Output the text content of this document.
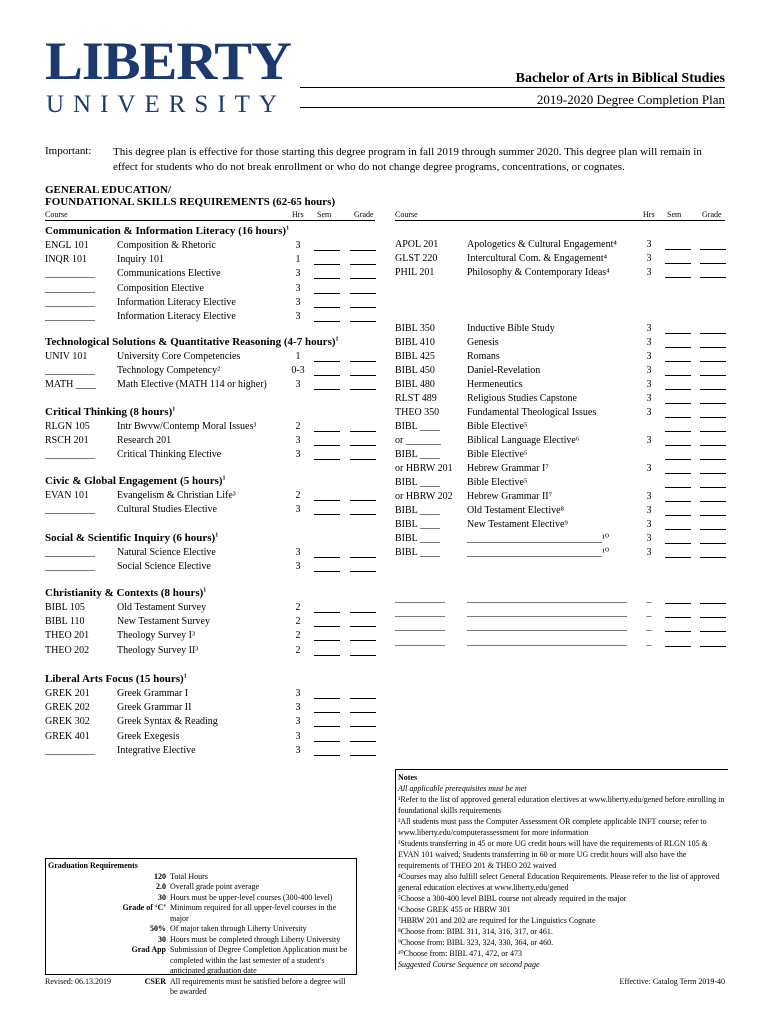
LIBERTY
UNIVERSITY
Bachelor of Arts in Biblical Studies
2019-2020 Degree Completion Plan
Important: This degree plan is effective for those starting this degree program in fall 2019 through summer 2020. This degree plan will remain in effect for students who do not break enrollment or who do not change degree programs, concentrations, or cognates.
GENERAL EDUCATION/
FOUNDATIONAL SKILLS REQUIREMENTS (62-65 hours)
Course	Hrs Sem	Grade
Communication & Information Literacy (16 hours)$^1$
ENGL 101	Composition & Rhetoric	3
INQR 101	Inquiry 101	1
__________ Communications Elective	3
__________ Composition Elective	3
__________ Information Literacy Elective	3
__________ Information Literacy Elective	3
Technological Solutions & Quantitative Reasoning (4-7 hours)$^1$
UNIV 101	University Core Competencies	1
__________ Technology Competency²	0-3
MATH ____ Math Elective (MATH 114 or higher)	3
Critical Thinking (8 hours)$^1$
RLGN 105	Intr Bwvw/Contemp Moral Issues³	2
RSCH 201	Research 201	3
__________ Critical Thinking Elective	3
Civic & Global Engagement (5 hours)$^1$
EVAN 101	Evangelism & Christian Life³	2
__________ Cultural Studies Elective	3
Social & Scientific Inquiry (6 hours)$^1$
__________ Natural Science Elective	3
__________ Social Science Elective	3
Christianity & Contexts (8 hours)$^1$
BIBL 105	Old Testament Survey	2
BIBL 110	New Testament Survey	2
THEO 201	Theology Survey I³	2
THEO 202	Theology Survey II³	2
Liberal Arts Focus (15 hours)$^1$
GREK 201	Greek Grammar I	3
GREK 202	Greek Grammar II	3
GREK 302	Greek Syntax & Reading	3
GREK 401	Greek Exegesis	3
__________ Integrative Elective	3
Course	Hrs Sem	Grade
APOL 201	Apologetics & Cultural Engagement⁴	3
GLST 220	Intercultural Com. & Engagement⁴	3
PHIL 201	Philosophy & Contemporary Ideas⁴	3
BIBL 350	Inductive Bible Study	3
BIBL 410	Genesis	3
BIBL 425	Romans	3
BIBL 450	Daniel-Revelation	3
BIBL 480	Hermeneutics	3
RLST 489	Religious Studies Capstone	3
THEO 350	Fundamental Theological Issues	3
BIBL ____	Bible Elective⁵
or _______	Biblical Language Elective⁶	3
BIBL ____	Bible Elective⁵
or HBRW 201 Hebrew Grammar I⁷	3
BIBL ____	Bible Elective⁵
or HBRW 202 Hebrew Grammar II⁷	3
BIBL ____	Old Testament Elective⁸	3
BIBL ____	New Testament Elective⁹	3
BIBL ____	___________________________¹⁰	3
BIBL ____	___________________________¹⁰	3
__________ ________________________________	_
__________ ________________________________	_
__________ ________________________________	_
__________ ________________________________	_
Notes
All applicable prerequisites must be met
¹Refer to the list of approved general education electives at www.liberty.edu/gened before enrolling in foundational skills requirements
²All students must pass the Computer Assessment OR complete applicable INFT course; refer to www.liberty.edu/computerassessment for more information
³Students transferring in 45 or more UG credit hours will have the requirements of RLGN 105 & EVAN 101 waived; Students transferring in 60 or more UG credit hours will also have the requirements of THEO 201 & THEO 202 waived
⁴Courses may also fulfill select General Education Requirements. Please refer to the list of approved general education electives at www.liberty.edu/gened
⁵Choose a 300-400 level BIBL course not already required in the major
⁶Choose GREK 455 or HBRW 301
⁷HBRW 201 and 202 are required for the Linguistics Cognate
⁸Choose from: BIBL 311, 314, 316, 317, or 461.
⁹Choose from: BIBL 323, 324, 330, 364, or 460.
¹⁰Choose from: BIBL 471, 472, or 473
Suggested Course Sequence on second page
Graduation Requirements
120 Total Hours
2.0 Overall grade point average
30 Hours must be upper-level courses (300-400 level)
Grade of ‘C’ Minimum required for all upper-level courses in the major
50% Of major taken through Liberty University
30 Hours must be completed through Liberty University
Grad App Submission of Degree Completion Application must be completed within the last semester of a student's anticipated graduation date
CSER All requirements must be satisfied before a degree will be awarded
Revised: 06.13.2019	Effective: Catalog Term 2019-40
